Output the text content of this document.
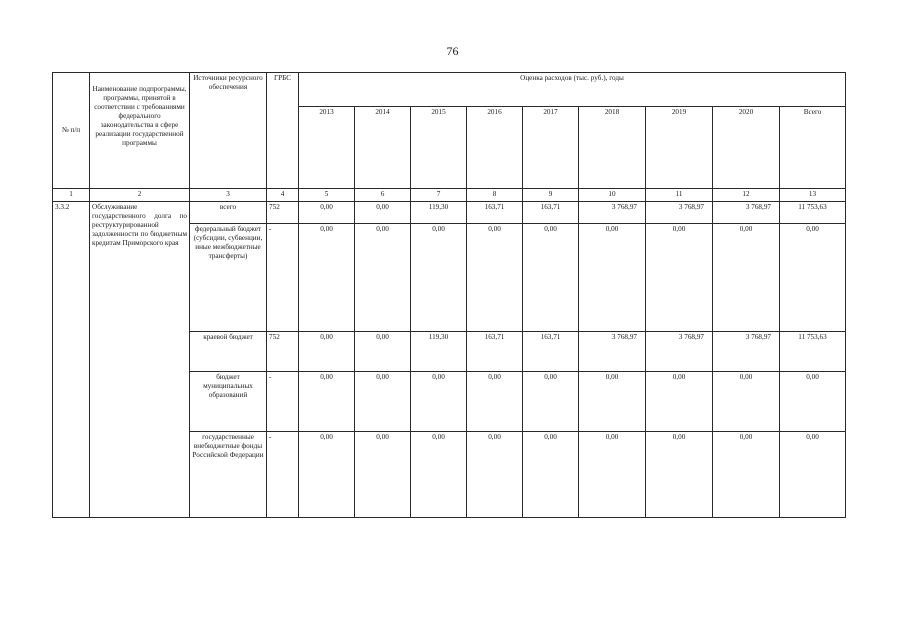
76
№ п/п	Наименование подпрограммы, программы, принятой в соответствии с требованиями федерального законодательства в сфере реализации государственной программы	Источники ресурсного обеспечения	ГРБС	Оценка расходов (тыс. руб.), годы								
				2013	2014	2015	2016	2017	2018	2019	2020	Всего
1	2	3	4	5	6	7	8	9	10	11	12	13
3.3.2	Обслуживание государственного долга по реструктурированной задолженности по бюджетным кредитам Приморского края	всего	752	0,00	0,00	119,30	163,71	163,71	3 768,97	3 768,97	3 768,97	11 753,63
		федеральный бюджет (субсидии, субвенции, иные межбюджетные трансферты)	-	0,00	0,00	0,00	0,00	0,00	0,00	0,00	0,00	0,00
		краевой бюджет	752	0,00	0,00	119,30	163,71	163,71	3 768,97	3 768,97	3 768,97	11 753,63
		бюджет муниципальных образований	-	0,00	0,00	0,00	0,00	0,00	0,00	0,00	0,00	0,00
		государственные внебюджетные фонды Российской Федерации	-	0,00	0,00	0,00	0,00	0,00	0,00	0,00	0,00	0,00
